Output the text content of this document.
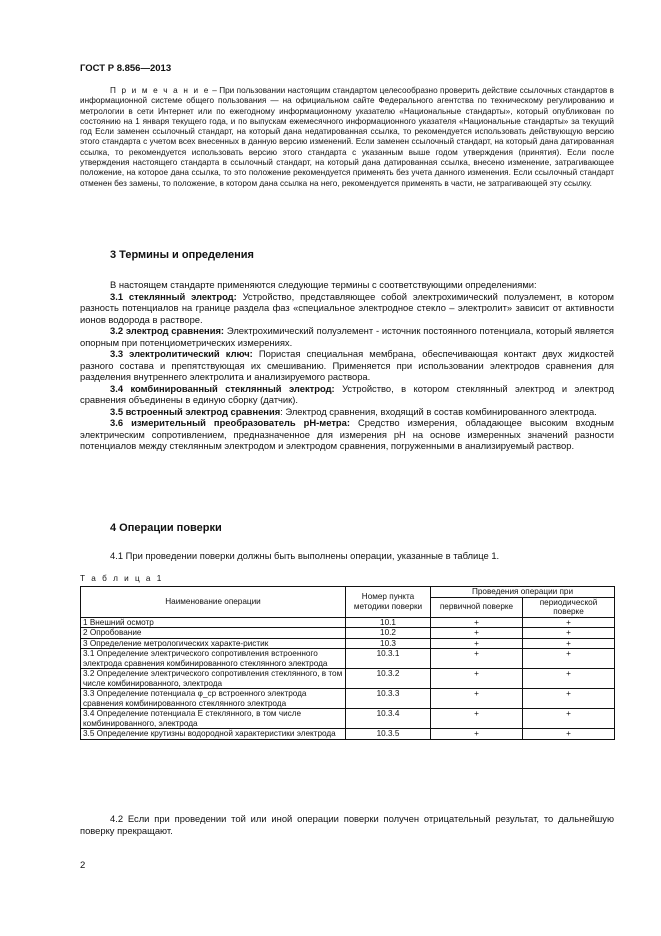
ГОСТ Р 8.856—2013
П р и м е ч а н и е – При пользовании настоящим стандартом целесообразно проверить действие ссылочных стандартов в информационной системе общего пользования — на официальном сайте Федерального агентства по техническому регулированию и метрологии в сети Интернет или по ежегодному информационному указателю «Национальные стандарты», который опубликован по состоянию на 1 января текущего года, и по выпускам ежемесячного информационного указателя «Национальные стандарты» за текущий год Если заменен ссылочный стандарт, на который дана недатированная ссылка, то рекомендуется использовать действующую версию этого стандарта с учетом всех внесенных в данную версию изменений. Если заменен ссылочный стандарт, на который дана датированная ссылка, то рекомендуется использовать версию этого стандарта с указанным выше годом утверждения (принятия). Если после утверждения настоящего стандарта в ссылочный стандарт, на который дана датированная ссылка, внесено изменение, затрагивающее положение, на которое дана ссылка, то это положение рекомендуется применять без учета данного изменения. Если ссылочный стандарт отменен без замены, то положение, в котором дана ссылка на него, рекомендуется применять в части, не затрагивающей эту ссылку.
3 Термины и определения

В настоящем стандарте применяются следующие термины с соответствующими определениями:

3.1 стеклянный электрод: Устройство, представляющее собой электрохимический полуэлемент, в котором разность потенциалов на границе раздела фаз «специальное электродное стекло – электролит» зависит от активности ионов водорода в растворе.

3.2 электрод сравнения: Электрохимический полуэлемент - источник постоянного потенциала, который является опорным при потенциометрических измерениях.

3.3 электролитический ключ: Пористая специальная мембрана, обеспечивающая контакт двух жидкостей разного состава и препятствующая их смешиванию. Применяется при использовании электродов сравнения для разделения внутреннего электролита и анализируемого раствора.

3.4 комбинированный стеклянный электрод: Устройство, в котором стеклянный электрод и электрод сравнения объединены в единую сборку (датчик).

3.5 встроенный электрод сравнения: Электрод сравнения, входящий в состав комбинированного электрода.

3.6 измерительный преобразователь рН-метра: Средство измерения, обладающее высоким входным электрическим сопротивлением, предназначенное для измерения рН на основе измеренных значений разности потенциалов между стеклянным электродом и электродом сравнения, погруженными в анализируемый раствор.

4 Операции поверки

4.1 При проведении поверки должны быть выполнены операции, указанные в таблице 1.

Т а б л и ц а 1
Наименование операции	Номер пункта методики поверки	Проведения операции при	
		первичной поверке	периодической поверке
1 Внешний осмотр	10.1	+	+
2 Опробование	10.2	+	+
3 Определение метрологических характе-ристик	10.3	+	+
3.1 Определение электрического сопротивления встроенного электрода сравнения комбинированного стеклянного электрода	10.3.1	+	+
3.2 Определение электрического сопротивления стеклянного, в том числе комбинированного, электрода	10.3.2	+	+
3.3 Определение потенциала φ_ср встроенного электрода сравнения комбинированного стеклянного электрода	10.3.3	+	+
3.4 Определение потенциала E стеклянного, в том числе комбинированного, электрода	10.3.4	+	+
3.5 Определение крутизны водородной характеристики электрода	10.3.5	+	+

4.2 Если при проведении той или иной операции поверки получен отрицательный результат, то дальнейшую поверку прекращают.

2
